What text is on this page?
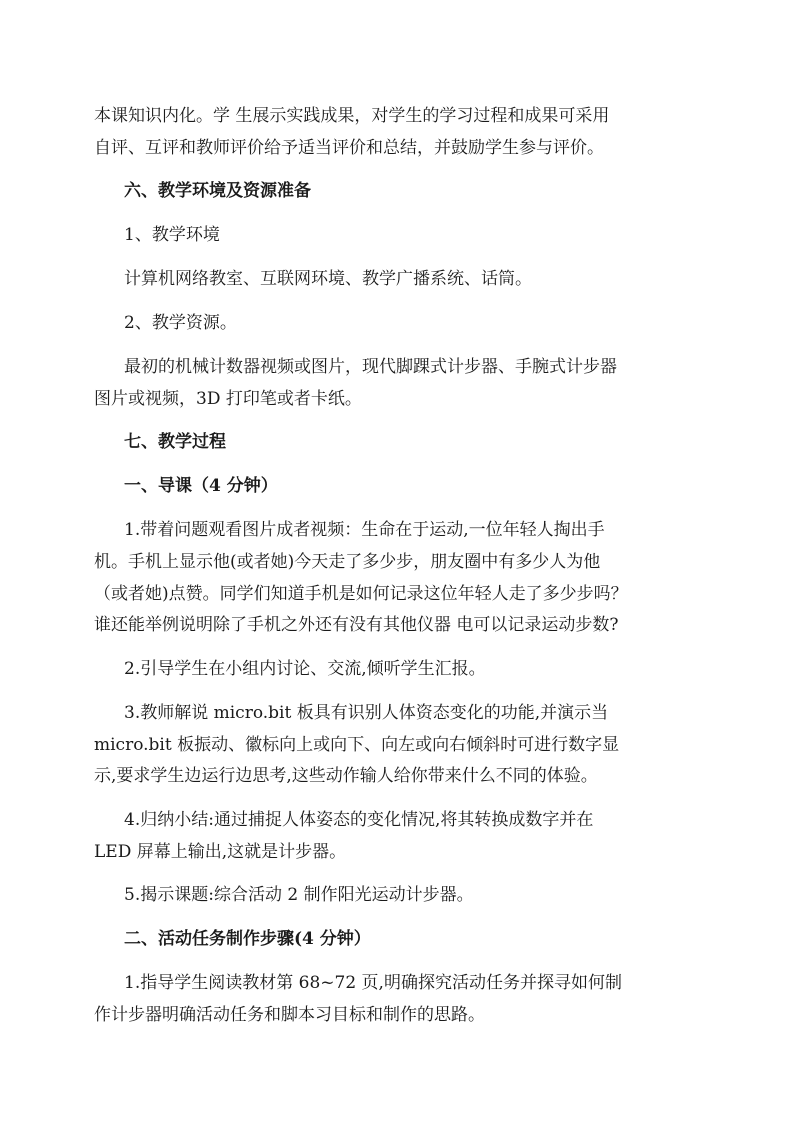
本课知识内化。学 生展示实践成果，对学生的学习过程和成果可采用
自评、互评和教师评价给予适当评价和总结，并鼓励学生参与评价。
六、教学环境及资源准备
1、教学环境
计算机网络教室、互联网环境、教学广播系统、话筒。
2、教学资源。
最初的机械计数器视频或图片，现代脚踝式计步器、手腕式计步器
图片或视频，3D 打印笔或者卡纸。
七、教学过程
一、导课（4 分钟）
1.带着问题观看图片成者视频：生命在于运动,一位年轻人掏出手
机。手机上显示他(或者她)今天走了多少步，朋友圈中有多少人为他
（或者她)点赞。同学们知道手机是如何记录这位年轻人走了多少步吗？
谁还能举例说明除了手机之外还有没有其他仪器 电可以记录运动步数?
2.引导学生在小组内讨论、交流,倾听学生汇报。
3.教师解说 micro.bit 板具有识别人体资态变化的功能,并演示当
micro.bit 板振动、徽标向上或向下、向左或向右倾斜时可进行数字显
示,要求学生边运行边思考,这些动作输人给你带来什么不同的体验。
4.归纳小结:通过捕捉人体姿态的变化情况,将其转换成数字并在
LED 屏幕上输出,这就是计步器。
5.揭示课题:综合活动 2 制作阳光运动计步器。
二、活动任务制作步骤(4 分钟）
1.指导学生阅读教材第 68~72 页,明确探究活动任务并探寻如何制
作计步器明确活动任务和脚本习目标和制作的思路。
